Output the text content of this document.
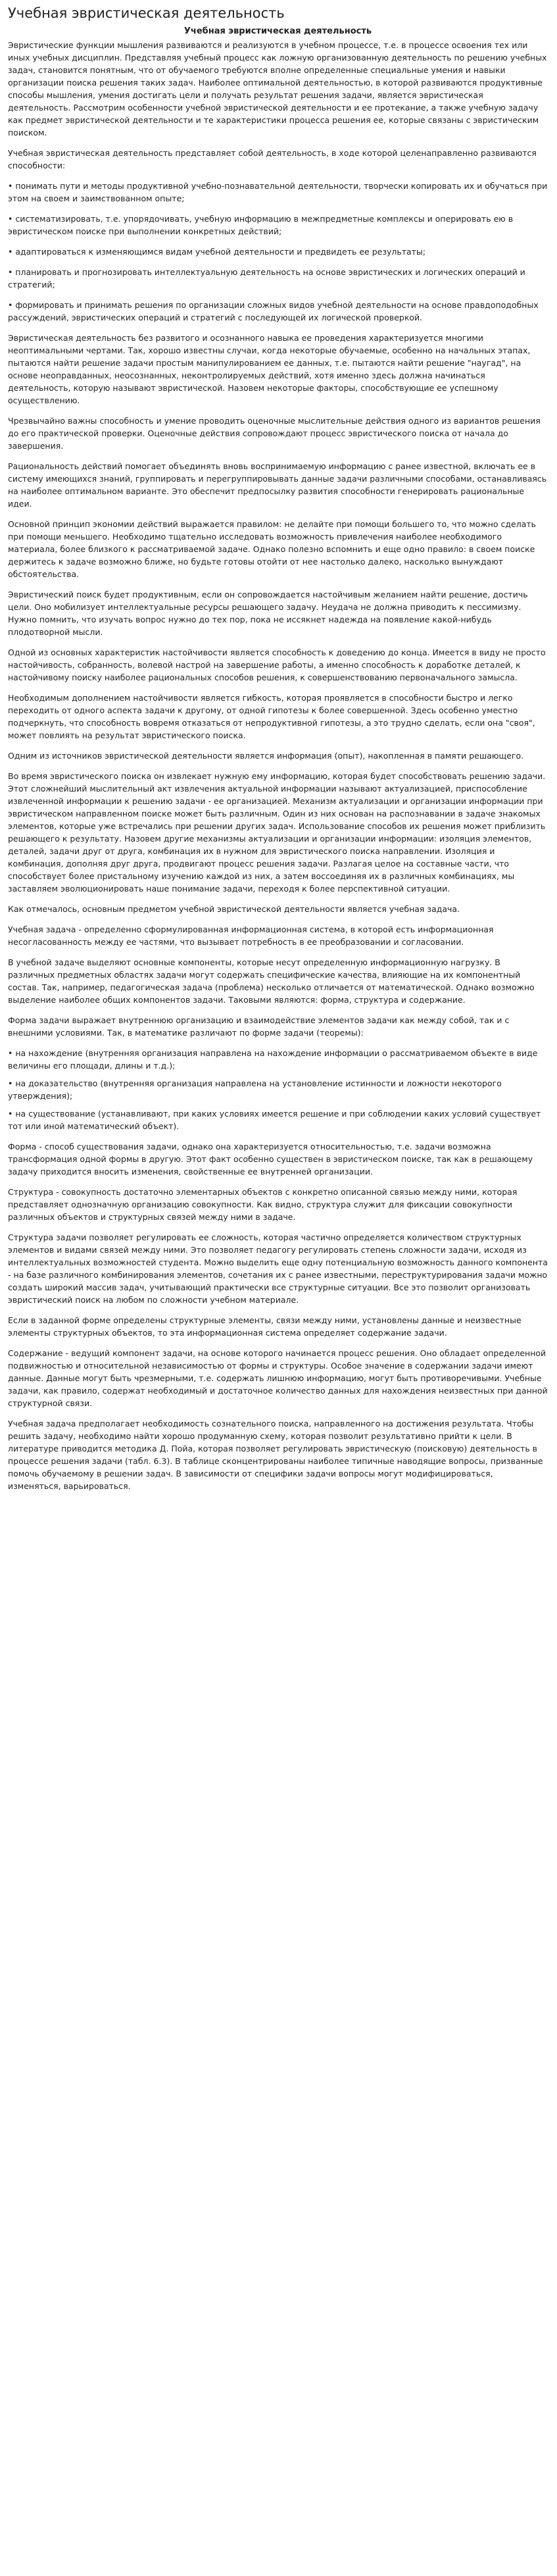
Учебная эвристическая деятельность
Учебная эвристическая деятельность
Эвристические функции мышления развиваются и реализуются в учебном процессе, т.е. в процессе освоения тех или иных учебных дисциплин. Представляя учебный процесс как ложную организованную деятельность по решению учебных задач, становится понятным, что от обучаемого требуются вполне определенные специальные умения и навыки организации поиска решения таких задач. Наиболее оптимальной деятельностью, в которой развиваются продуктивные способы мышления, умения достигать цели и получать результат решения задачи, является эвристическая деятельность. Рассмотрим особенности учебной эвристической деятельности и ее протекание, а также учебную задачу как предмет эвристической деятельности и те характеристики процесса решения ее, которые связаны с эвристическим поиском.
Учебная эвристическая деятельность представляет собой деятельность, в ходе которой целенаправленно развиваются способности:
• понимать пути и методы продуктивной учебно-познавательной деятельности, творчески копировать их и обучаться при этом на своем и заимствованном опыте;
• систематизировать, т.е. упорядочивать, учебную информацию в межпредметные комплексы и оперировать ею в эвристическом поиске при выполнении конкретных действий;
• адаптироваться к изменяющимся видам учебной деятельности и предвидеть ее результаты;
• планировать и прогнозировать интеллектуальную деятельность на основе эвристических и логических операций и стратегий;
• формировать и принимать решения по организации сложных видов учебной деятельности на основе правдоподобных рассуждений, эвристических операций и стратегий с последующей их логической проверкой.
Эвристическая деятельность без развитого и осознанного навыка ее проведения характеризуется многими неоптимальными чертами. Так, хорошо известны случаи, когда некоторые обучаемые, особенно на начальных этапах, пытаются найти решение задачи простым манипулированием ее данных, т.е. пытаются найти решение "наугад", на основе неоправданных, неосознанных, неконтролируемых действий, хотя именно здесь должна начинаться деятельность, которую называют эвристической. Назовем некоторые факторы, способствующие ее успешному осуществлению.
Чрезвычайно важны способность и умение проводить оценочные мыслительные действия одного из вариантов решения до его практической проверки. Оценочные действия сопровождают процесс эвристического поиска от начала до завершения.
Рациональность действий помогает объединять вновь воспринимаемую информацию с ранее известной, включать ее в систему имеющихся знаний, группировать и перегруппировывать данные задачи различными способами, останавливаясь на наиболее оптимальном варианте. Это обеспечит предпосылку развития способности генерировать рациональные идеи.
Основной принцип экономии действий выражается правилом: не делайте при помощи большего то, что можно сделать при помощи меньшего. Необходимо тщательно исследовать возможность привлечения наиболее необходимого материала, более близкого к рассматриваемой задаче. Однако полезно вспомнить и еще одно правило: в своем поиске держитесь к задаче возможно ближе, но будьте готовы отойти от нее настолько далеко, насколько вынуждают обстоятельства.
Эвристический поиск будет продуктивным, если он сопровождается настойчивым желанием найти решение, достичь цели. Оно мобилизует интеллектуальные ресурсы решающего задачу. Неудача не должна приводить к пессимизму. Нужно помнить, что изучать вопрос нужно до тех пор, пока не иссякнет надежда на появление какой-нибудь плодотворной мысли.
Одной из основных характеристик настойчивости является способность к доведению до конца. Имеется в виду не просто настойчивость, собранность, волевой настрой на завершение работы, а именно способность к доработке деталей, к настойчивому поиску наиболее рациональных способов решения, к совершенствованию первоначального замысла.
Необходимым дополнением настойчивости является гибкость, которая проявляется в способности быстро и легко переходить от одного аспекта задачи к другому, от одной гипотезы к более совершенной. Здесь особенно уместно подчеркнуть, что способность вовремя отказаться от непродуктивной гипотезы, а это трудно сделать, если она "своя", может повлиять на результат эвристического поиска.
Одним из источников эвристической деятельности является информация (опыт), накопленная в памяти решающего.
Во время эвристического поиска он извлекает нужную ему информацию, которая будет способствовать решению задачи. Этот сложнейший мыслительный акт извлечения актуальной информации называют актуализацией, приспособление извлеченной информации к решению задачи - ее организацией. Механизм актуализации и организации информации при эвристическом направленном поиске может быть различным. Один из них основан на распознавании в задаче знакомых элементов, которые уже встречались при решении других задач. Использование способов их решения может приблизить решающего к результату. Назовем другие механизмы актуализации и организации информации: изоляция элементов, деталей, задачи друг от друга, комбинация их в нужном для эвристического поиска направлении. Изоляция и комбинация, дополняя друг друга, продвигают процесс решения задачи. Разлагая целое на составные части, что способствует более пристальному изучению каждой из них, а затем воссоединяя их в различных комбинациях, мы заставляем эволюционировать наше понимание задачи, переходя к более перспективной ситуации.
Как отмечалось, основным предметом учебной эвристической деятельности является учебная задача.
Учебная задача - определенно сформулированная информационная система, в которой есть информационная несогласованность между ее частями, что вызывает потребность в ее преобразовании и согласовании.
В учебной задаче выделяют основные компоненты, которые несут определенную информационную нагрузку. В различных предметных областях задачи могут содержать специфические качества, влияющие на их компонентный состав. Так, например, педагогическая задача (проблема) несколько отличается от математической. Однако возможно выделение наиболее общих компонентов задачи. Таковыми являются: форма, структура и содержание.
Форма задачи выражает внутреннюю организацию и взаимодействие элементов задачи как между собой, так и с внешними условиями. Так, в математике различают по форме задачи (теоремы):
• на нахождение (внутренняя организация направлена на нахождение информации о рассматриваемом объекте в виде величины его площади, длины и т.д.);
• на доказательство (внутренняя организация направлена на установление истинности и ложности некоторого утверждения);
• на существование (устанавливают, при каких условиях имеется решение и при соблюдении каких условий существует тот или иной математический объект).
Форма - способ существования задачи, однако она характеризуется относительностью, т.е. задачи возможна трансформация одной формы в другую. Этот факт особенно существен в эвристическом поиске, так как в решающему задачу приходится вносить изменения, свойственные ее внутренней организации.
Структура - совокупность достаточно элементарных объектов с конкретно описанной связью между ними, которая представляет однозначную организацию совокупности. Как видно, структура служит для фиксации совокупности различных объектов и структурных связей между ними в задаче.
Структура задачи позволяет регулировать ее сложность, которая частично определяется количеством структурных элементов и видами связей между ними. Это позволяет педагогу регулировать степень сложности задачи, исходя из интеллектуальных возможностей студента. Можно выделить еще одну потенциальную возможность данного компонента - на базе различного комбинирования элементов, сочетания их с ранее известными, переструктурирования задачи можно создать широкий массив задач, учитывающий практически все структурные ситуации. Все это позволит организовать эвристический поиск на любом по сложности учебном материале.
Если в заданной форме определены структурные элементы, связи между ними, установлены данные и неизвестные элементы структурных объектов, то эта информационная система определяет содержание задачи.
Содержание - ведущий компонент задачи, на основе которого начинается процесс решения. Оно обладает определенной подвижностью и относительной независимостью от формы и структуры. Особое значение в содержании задачи имеют данные. Данные могут быть чрезмерными, т.е. содержать лишнюю информацию, могут быть противоречивыми. Учебные задачи, как правило, содержат необходимый и достаточное количество данных для нахождения неизвестных при данной структурной связи.
Учебная задача предполагает необходимость сознательного поиска, направленного на достижения результата. Чтобы решить задачу, необходимо найти хорошо продуманную схему, которая позволит результативно прийти к цели. В литературе приводится методика Д. Пойа, которая позволяет регулировать эвристическую (поисковую) деятельность в процессе решения задачи (табл. 6.3). В таблице сконцентрированы наиболее типичные наводящие вопросы, призванные помочь обучаемому в решении задач. В зависимости от специфики задачи вопросы могут модифицироваться, изменяться, варьироваться.
